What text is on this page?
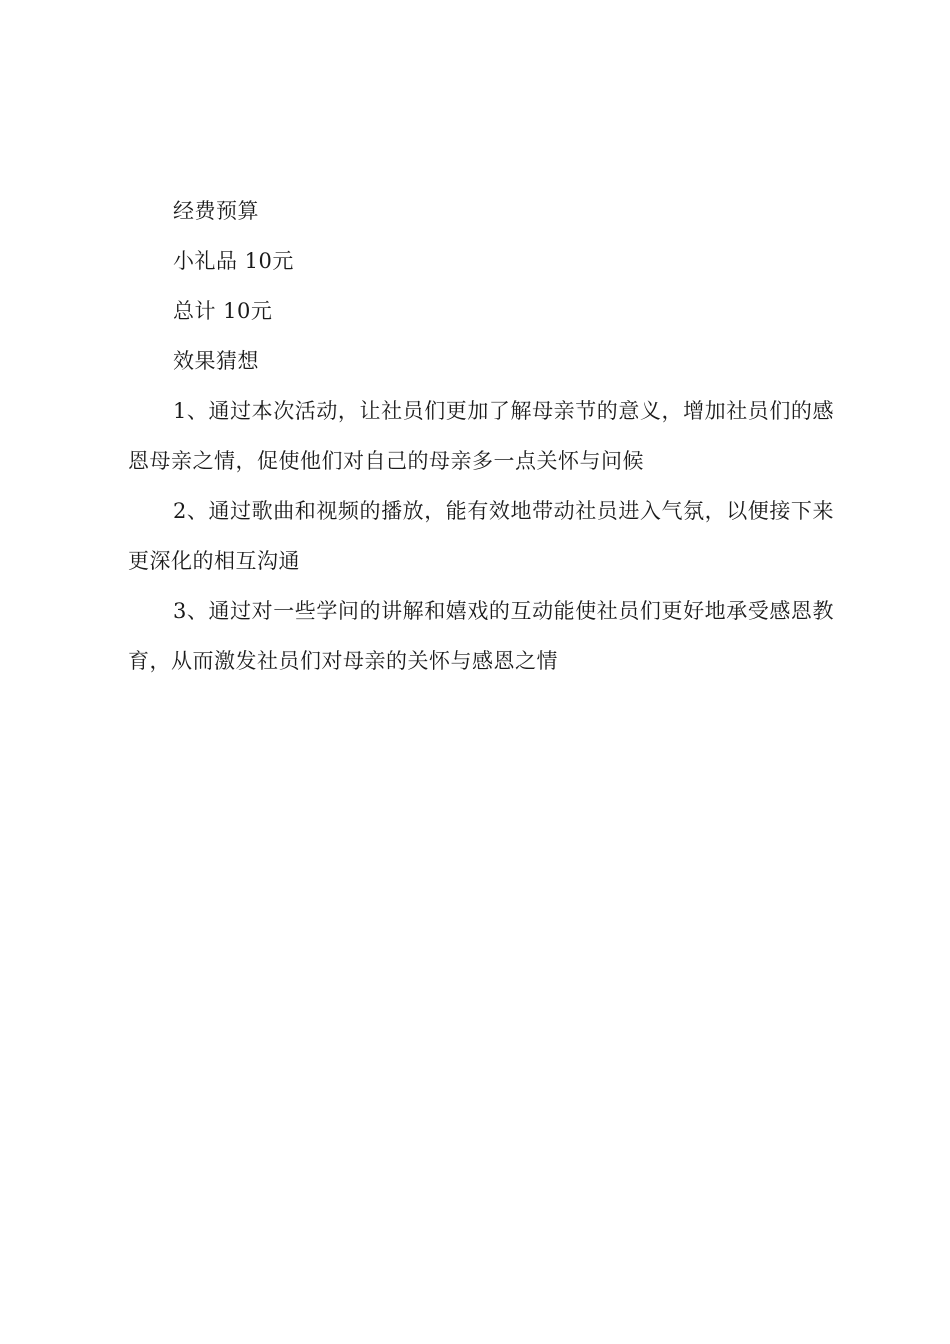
经费预算

小礼品 10元

总计 10元

效果猜想

1、通过本次活动，让社员们更加了解母亲节的意义，增加社员们的感恩母亲之情，促使他们对自己的母亲多一点关怀与问候

2、通过歌曲和视频的播放，能有效地带动社员进入气氛，以便接下来更深化的相互沟通

3、通过对一些学问的讲解和嬉戏的互动能使社员们更好地承受感恩教育，从而激发社员们对母亲的关怀与感恩之情
